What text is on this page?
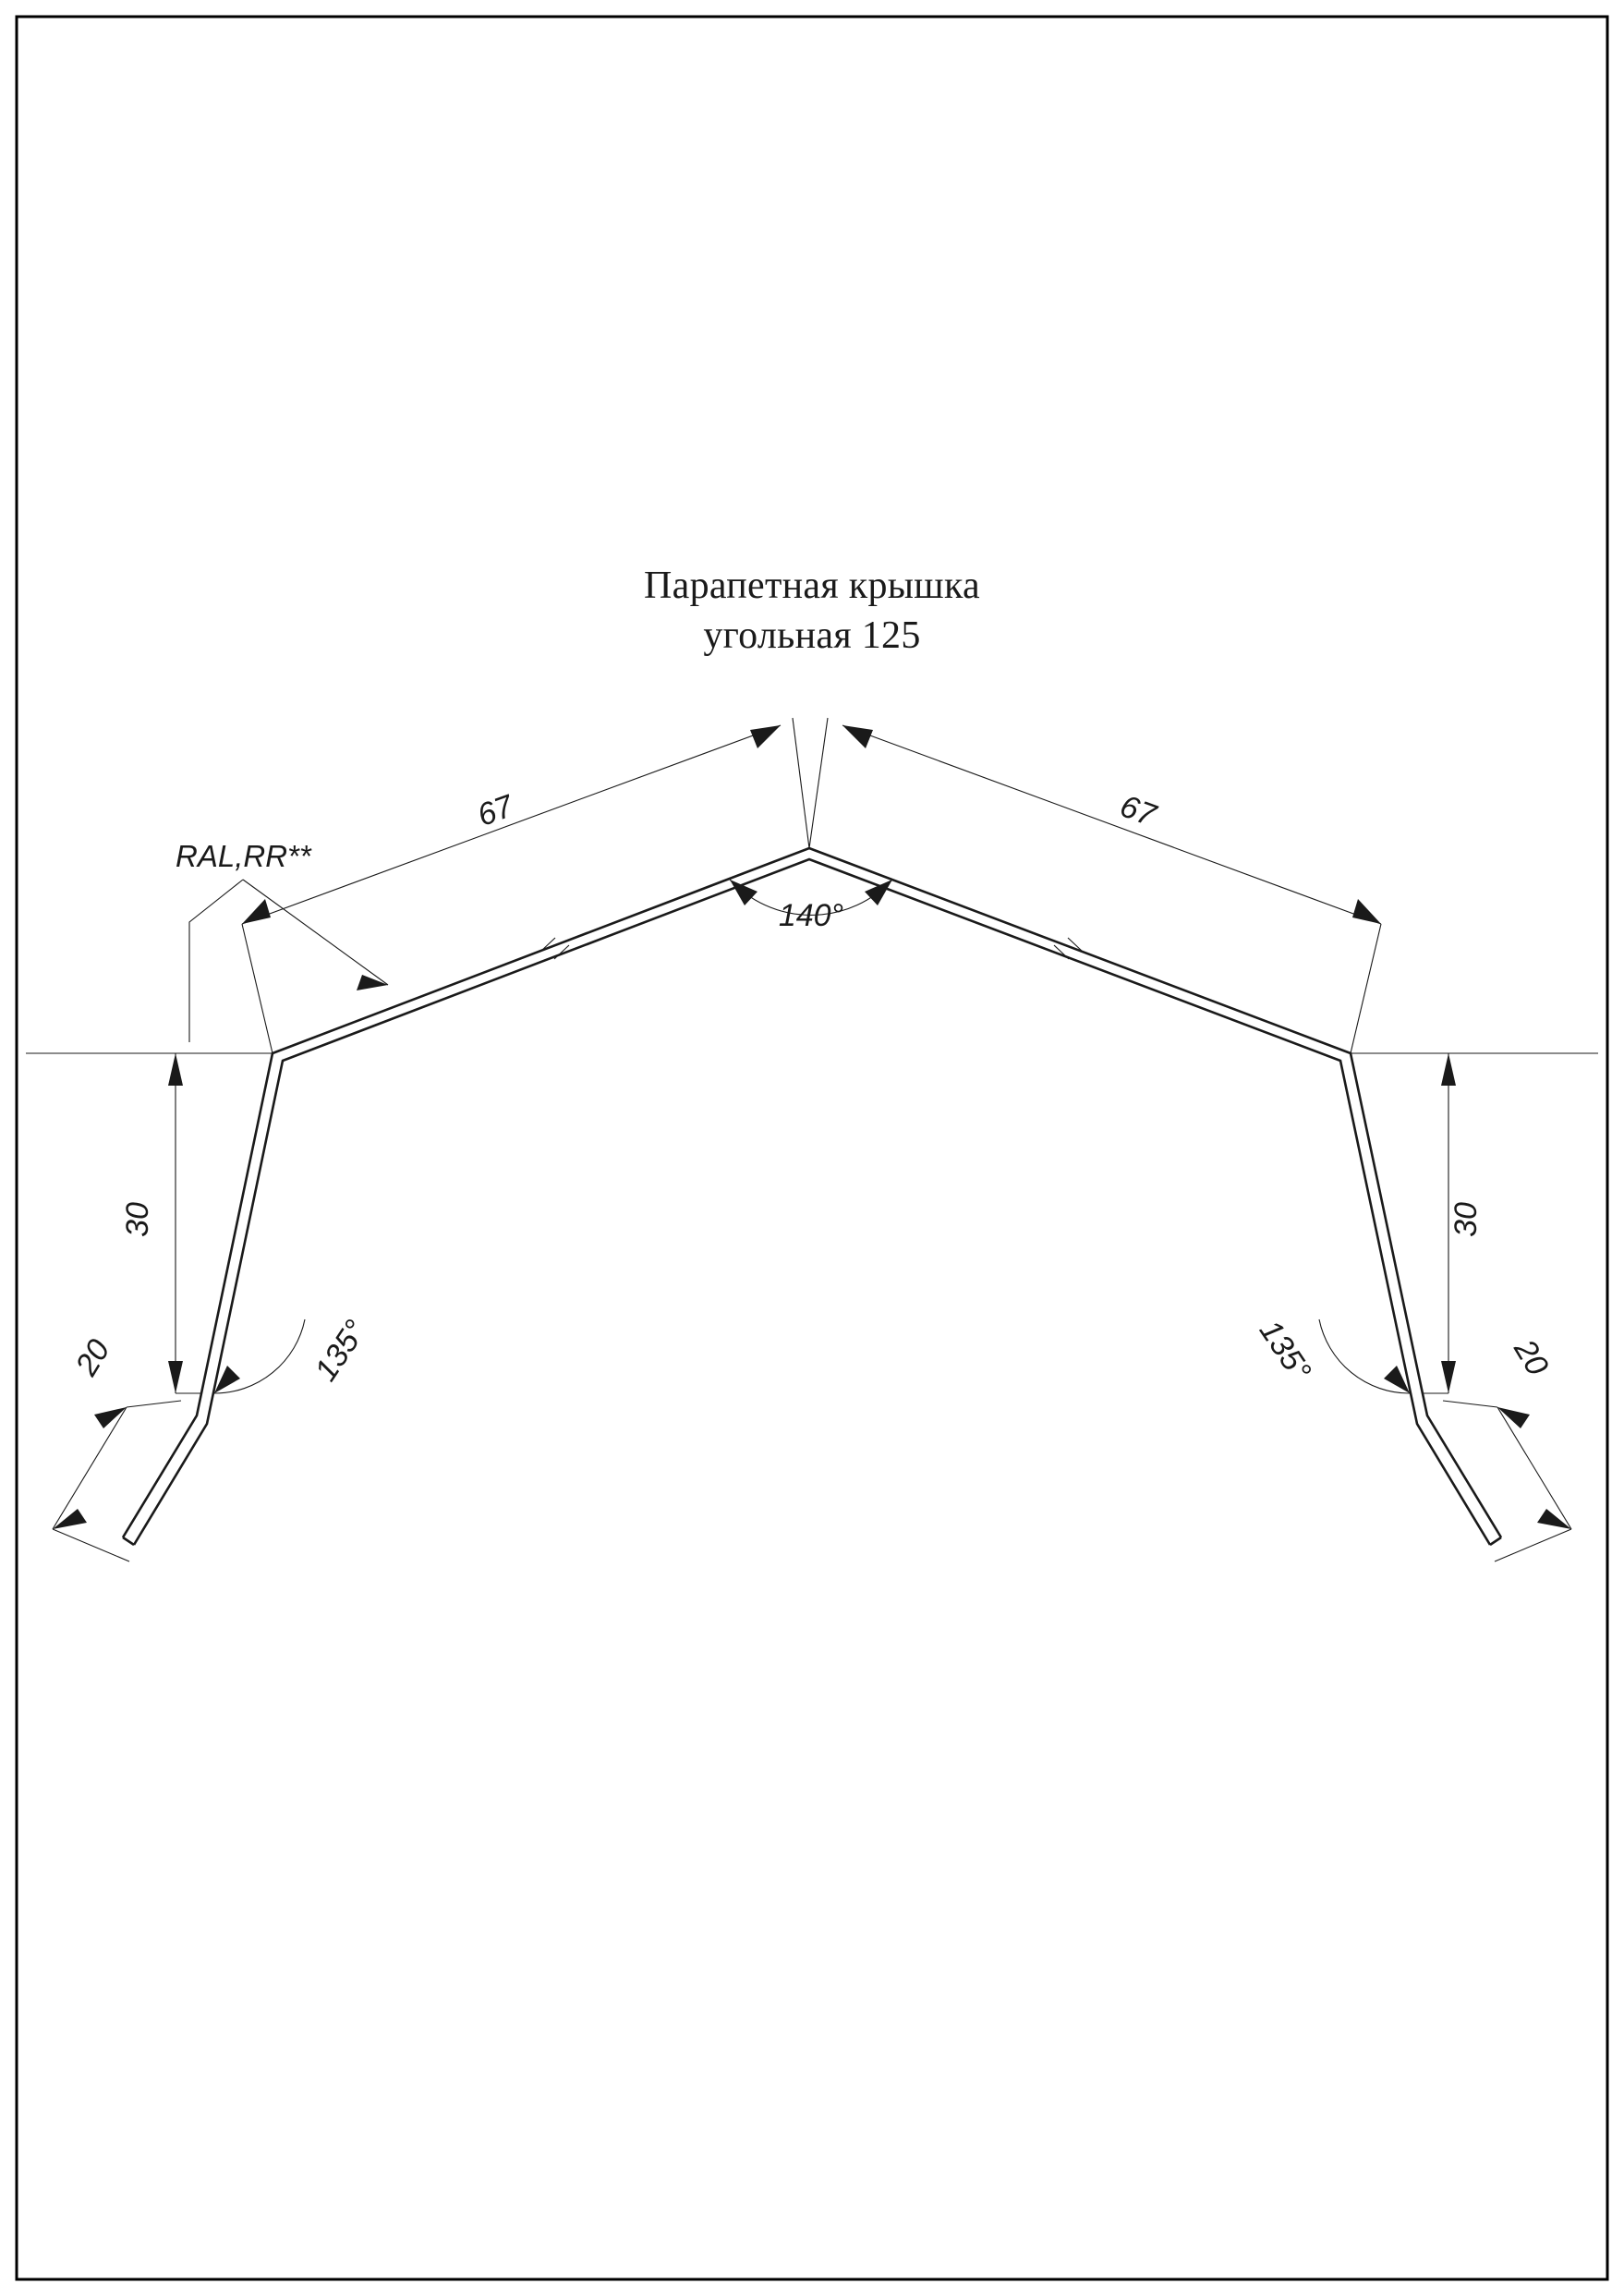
67	67
30	30
20	20
140°
135°	135°
RAL,RR**
Парапетная крышка
угольная 125
